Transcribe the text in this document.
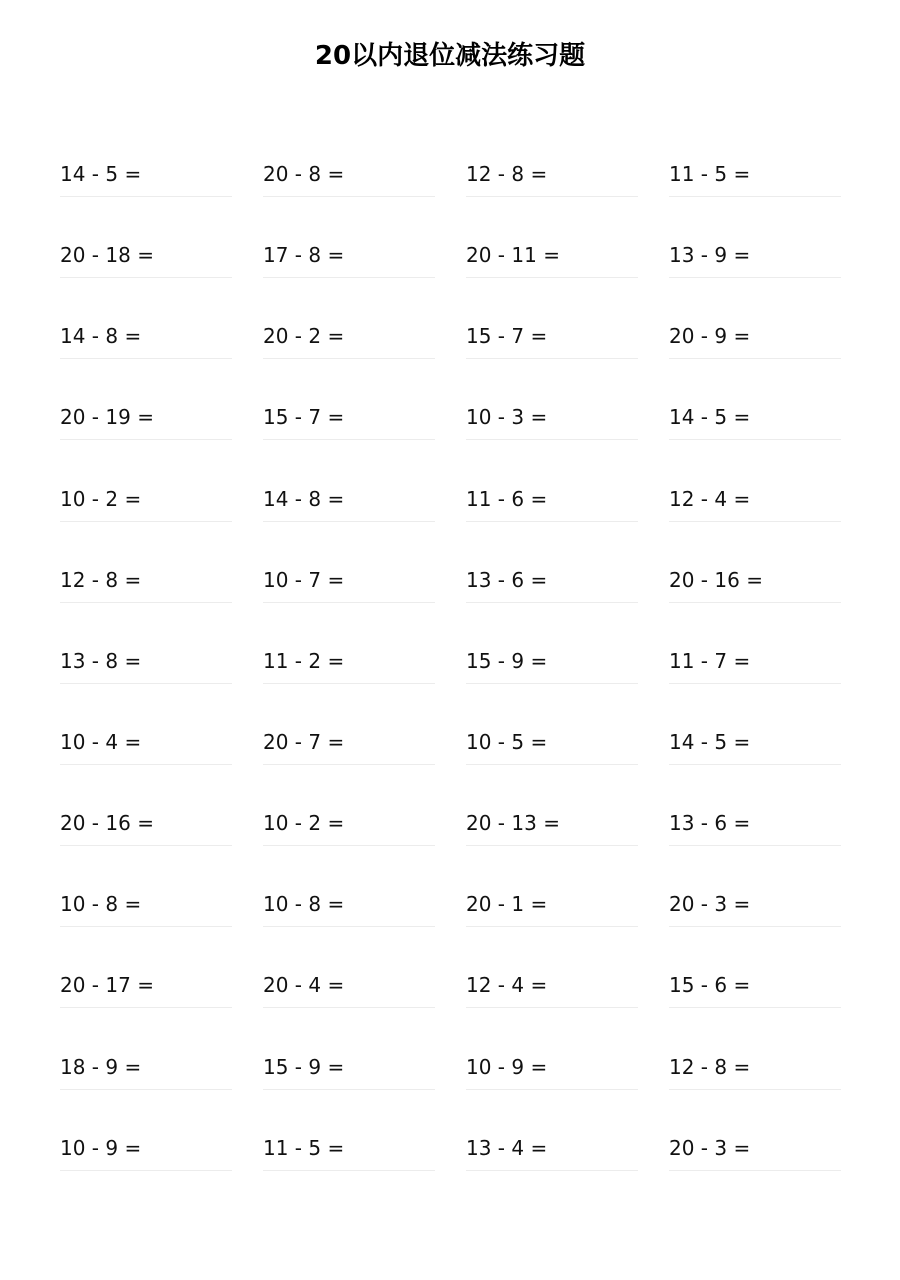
20以内退位减法练习题
14 - 5 =	20 - 8 =	12 - 8 =	11 - 5 =
20 - 18 =	17 - 8 =	20 - 11 =	13 - 9 =
14 - 8 =	20 - 2 =	15 - 7 =	20 - 9 =
20 - 19 =	15 - 7 =	10 - 3 =	14 - 5 =
10 - 2 =	14 - 8 =	11 - 6 =	12 - 4 =
12 - 8 =	10 - 7 =	13 - 6 =	20 - 16 =
13 - 8 =	11 - 2 =	15 - 9 =	11 - 7 =
10 - 4 =	20 - 7 =	10 - 5 =	14 - 5 =
20 - 16 =	10 - 2 =	20 - 13 =	13 - 6 =
10 - 8 =	10 - 8 =	20 - 1 =	20 - 3 =
20 - 17 =	20 - 4 =	12 - 4 =	15 - 6 =
18 - 9 =	15 - 9 =	10 - 9 =	12 - 8 =
10 - 9 =	11 - 5 =	13 - 4 =	20 - 3 =
